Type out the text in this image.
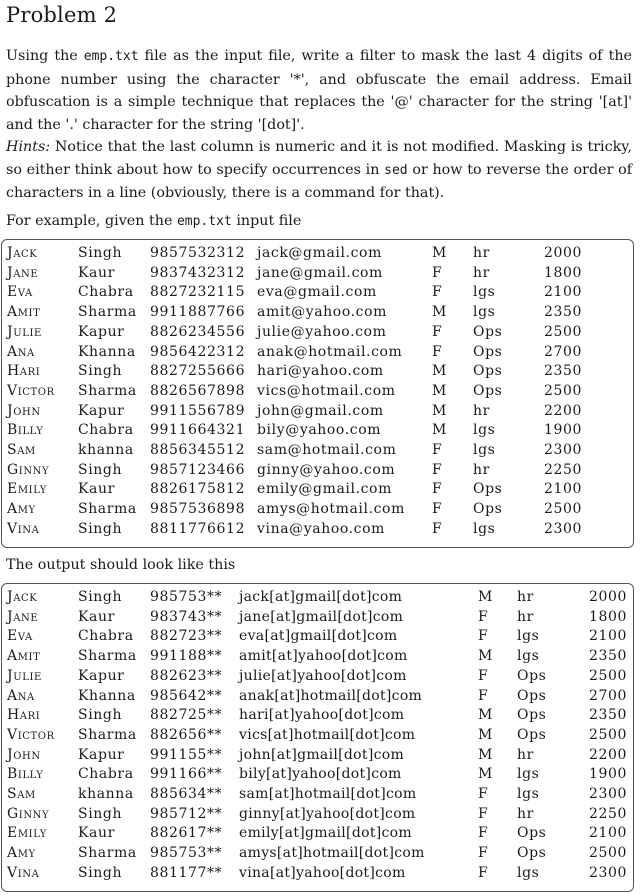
Problem 2
Using the emp.txt file as the input file, write a filter to mask the last 4 digits of the phone number using the character '*', and obfuscate the email address. Email obfuscation is a simple technique that replaces the '@' character for the string '[at]' and the '.' character for the string '[dot]'.
Hints: Notice that the last column is numeric and it is not modified. Masking is tricky, so either think about how to specify occurrences in sed or how to reverse the order of characters in a line (obviously, there is a command for that).
For example, given the emp.txt input file
Jack	Singh 9857532312 jack@gmail.com	M hr	2000
Jane	Kaur	9837432312 jane@gmail.com	F hr	1800
Eva	Chabra 8827232115 eva@gmail.com	F lgs	2100
Amit	Sharma 9911887766 amit@yahoo.com	M lgs	2350
Julie	Kapur 8826234556 julie@yahoo.com	F Ops	2500
Ana	Khanna 9856422312 anak@hotmail.com F Ops	2700
Hari	Singh 8827255666 hari@yahoo.com	M Ops	2350
Victor Sharma 8826567898 vics@hotmail.com	M Ops	2500
John	Kapur 9911556789 john@gmail.com	M hr	2200
Billy Chabra 9911664321 bily@yahoo.com	M lgs	1900
Sam	khanna 8856345512 sam@hotmail.com	F lgs	2300
Ginny Singh 9857123466 ginny@yahoo.com	F hr	2250
Emily Kaur	8826175812 emily@gmail.com	F Ops	2100
Amy	Sharma 9857536898 amys@hotmail.com F Ops	2500
Vina	Singh 8811776612 vina@yahoo.com	F lgs	2300
The output should look like this
Jack	Singh 985753** jack[at]gmail[dot]com	M hr	2000
Jane	Kaur	983743** jane[at]gmail[dot]com	F hr	1800
Eva	Chabra 882723** eva[at]gmail[dot]com	F lgs	2100
Amit	Sharma 991188** amit[at]yahoo[dot]com	M lgs	2350
Julie	Kapur 882623** julie[at]yahoo[dot]com	F Ops	2500
Ana	Khanna 985642** anak[at]hotmail[dot]com	F Ops	2700
Hari	Singh 882725** hari[at]yahoo[dot]com	M Ops	2350
Victor Sharma 882656** vics[at]hotmail[dot]com	M Ops	2500
John	Kapur 991155** john[at]gmail[dot]com	M hr	2200
Billy Chabra 991166** bily[at]yahoo[dot]com	M lgs	1900
Sam	khanna 885634** sam[at]hotmail[dot]com	F lgs	2300
Ginny Singh 985712** ginny[at]yahoo[dot]com	F hr	2250
Emily Kaur	882617** emily[at]gmail[dot]com	F Ops	2100
Amy	Sharma 985753** amys[at]hotmail[dot]com	F Ops	2500
Vina	Singh 881177** vina[at]yahoo[dot]com	F lgs	2300
